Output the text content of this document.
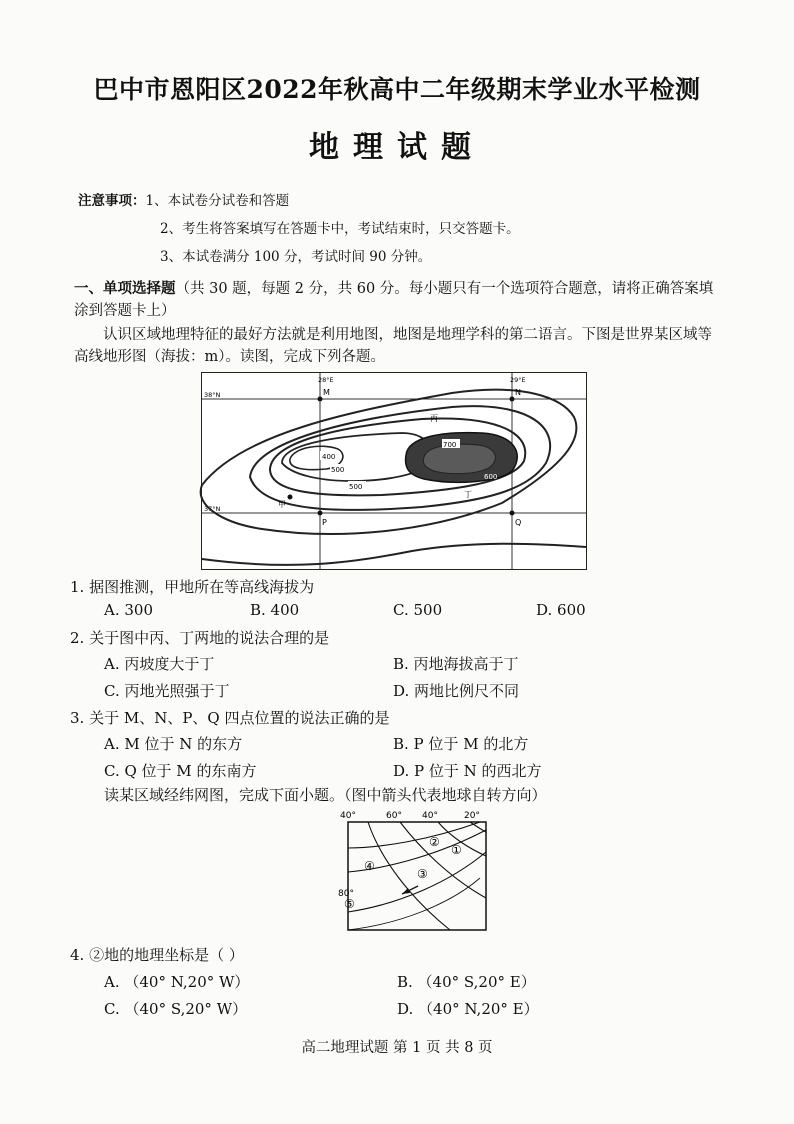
巴中市恩阳区2022年秋高中二年级期末学业水平检测
地理试题
注意事项：1、本试卷分试卷和答题
2、考生将答案填写在答题卡中，考试结束时，只交答题卡。
3、本试卷满分 100 分，考试时间 90 分钟。
一、单项选择题（共 30 题，每题 2 分，共 60 分。每小题只有一个选项符合题意，请将正确答案填涂到答题卡上）
认识区域地理特征的最好方法就是利用地图，地图是地理学科的第二语言。下图是世界某区域等高线地形图（海拔：m）。读图，完成下列各题。
28°E	29°E
38°N
37°N
400
500
500
700
600
M	N
P	Q
甲
丙
丁
1. 据图推测，甲地所在等高线海拔为
A. 300	B. 400	C. 500	D. 600
2. 关于图中丙、丁两地的说法合理的是
A. 丙坡度大于丁	B. 丙地海拔高于丁
C. 丙地光照强于丁	D. 两地比例尺不同
3. 关于 M、N、P、Q 四点位置的说法正确的是
A. M 位于 N 的东方	B. P 位于 M 的北方
C. Q 位于 M 的东南方	D. P 位于 N 的西北方
读某区域经纬网图，完成下面小题。（图中箭头代表地球自转方向）
40°	60° 40°	20°
80°
①
②
③
④
⑤
4. ②地的地理坐标是（ ）
A. （40° N,20° W）	B. （40° S,20° E）
C. （40° S,20° W）	D. （40° N,20° E）
高二地理试题 第 1 页 共 8 页
